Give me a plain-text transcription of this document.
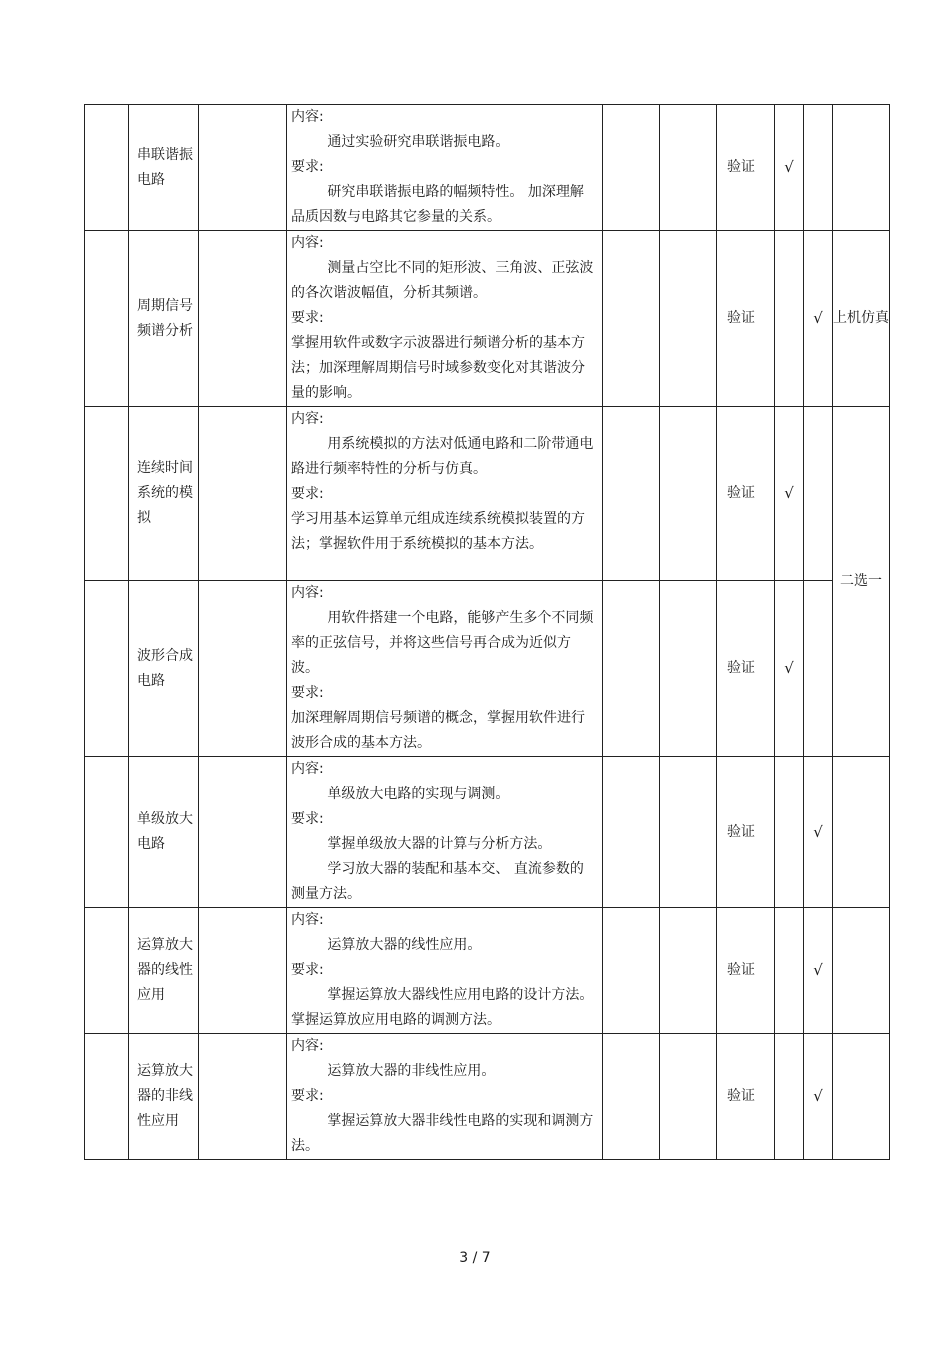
	串联谐振电路		内容:
通过实验研究串联谐振电路。
要求:
研究串联谐振电路的幅频特性。 加深理解品质因数与电路其它参量的关系。			验证	√		
	周期信号频谱分析		内容:
测量占空比不同的矩形波、三角波、正弦波的各次谐波幅值，分析其频谱。
要求:
掌握用软件或数字示波器进行频谱分析的基本方法；加深理解周期信号时域参数变化对其谐波分量的影响。			验证		√	上机仿真
	连续时间系统的模拟		内容:
用系统模拟的方法对低通电路和二阶带通电路进行频率特性的分析与仿真。
要求:
学习用基本运算单元组成连续系统模拟装置的方法；掌握软件用于系统模拟的基本方法。			验证	√		二选一
	波形合成电路		内容:
用软件搭建一个电路，能够产生多个不同频率的正弦信号，并将这些信号再合成为近似方波。
要求:
加深理解周期信号频谱的概念，掌握用软件进行波形合成的基本方法。			验证	√		
	单级放大电路		内容:
单级放大电路的实现与调测。
要求:
掌握单级放大器的计算与分析方法。
学习放大器的装配和基本交、 直流参数的测量方法。			验证		√	
	运算放大器的线性应用		内容:
运算放大器的线性应用。
要求:
掌握运算放大器线性应用电路的设计方法。掌握运算放应用电路的调测方法。			验证		√	
	运算放大器的非线性应用		内容:
运算放大器的非线性应用。
要求:
掌握运算放大器非线性电路的实现和调测方法。			验证		√	
3 / 7
